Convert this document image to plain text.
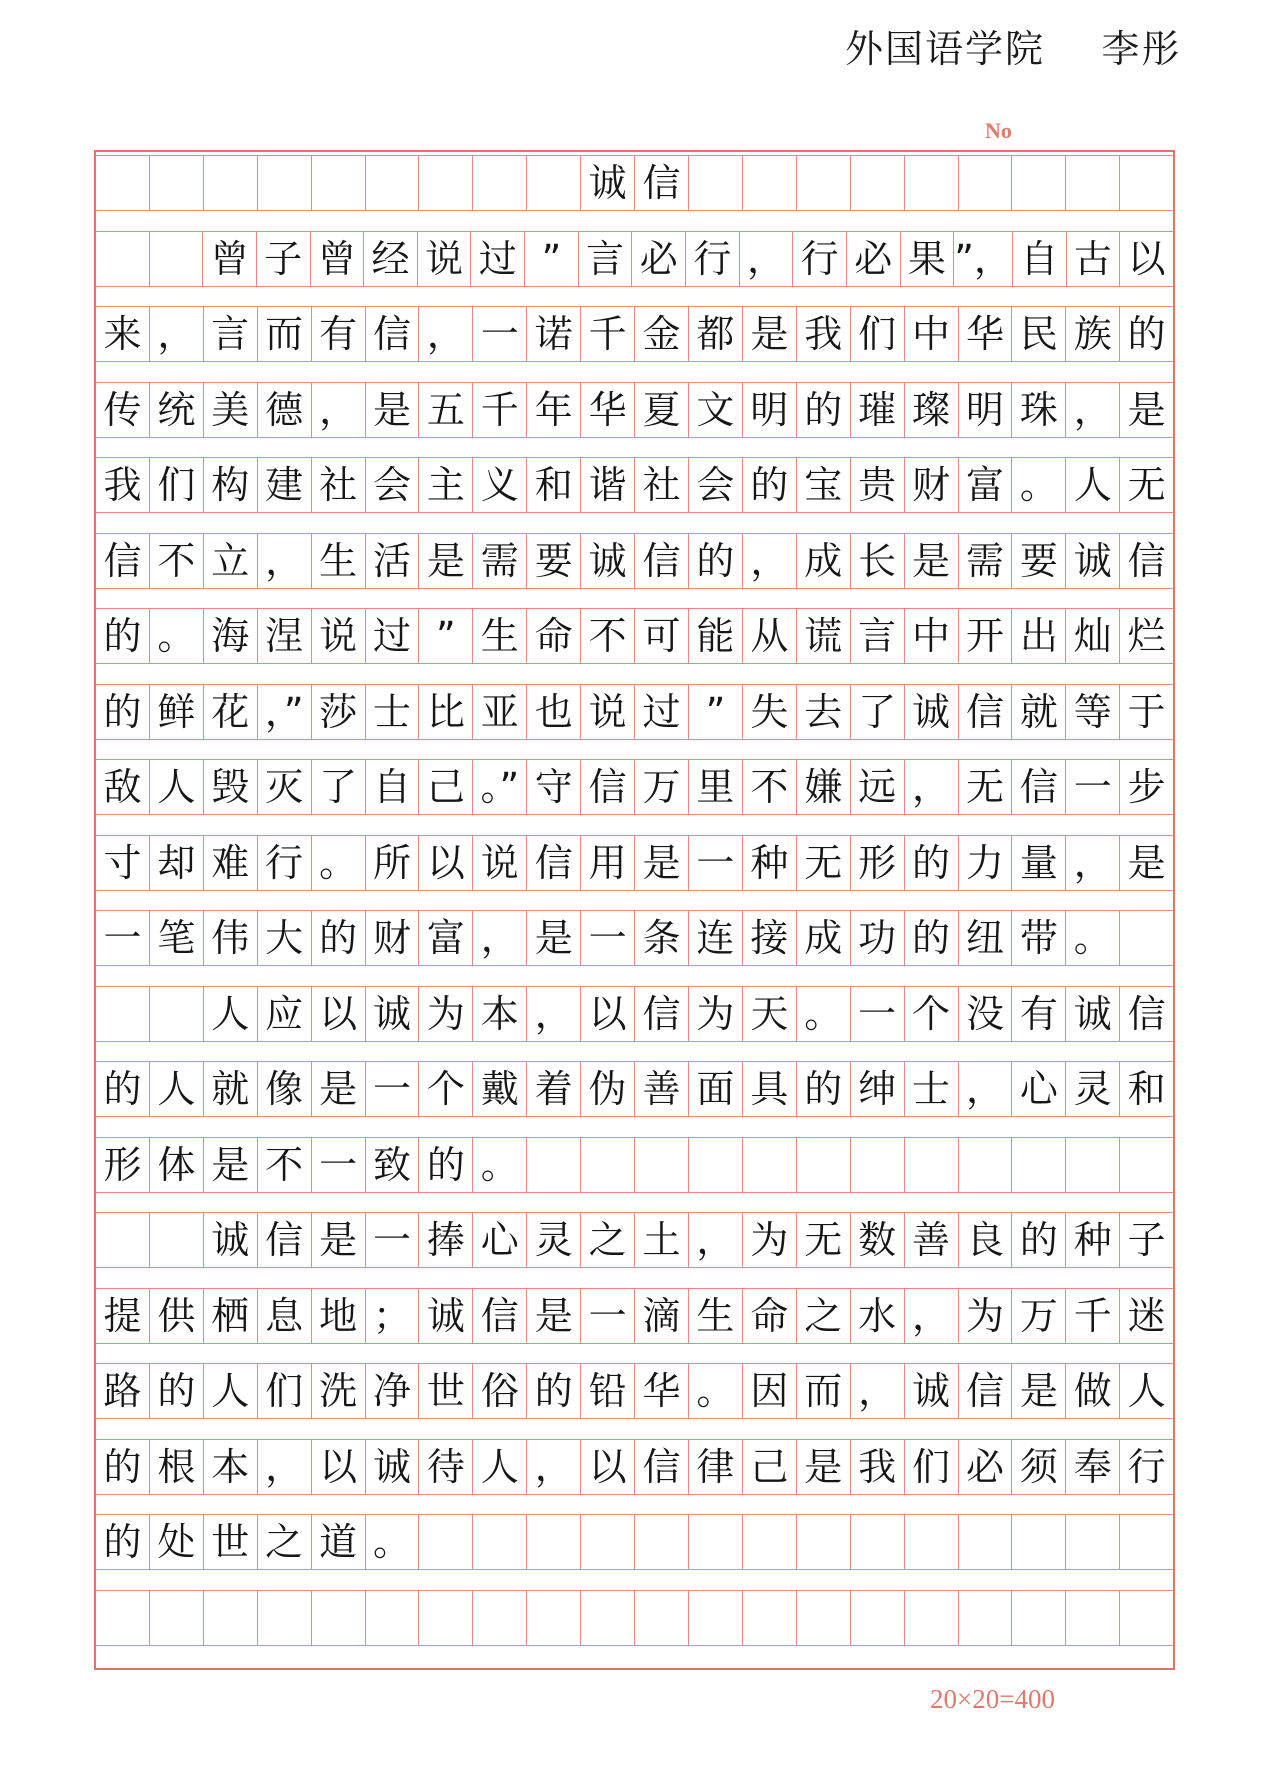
外国语学院    李彤
No
诚 信
曾 子 曾 经 说 过 ” 言 必 行 ， 行 必 果 ”， 自 古 以
来 ， 言 而 有 信 ， 一 诺 千 金 都 是 我 们 中 华 民 族 的
传 统 美 德 ， 是 五 千 年 华 夏 文 明 的 璀 璨 明 珠 ， 是
我 们 构 建 社 会 主 义 和 谐 社 会 的 宝 贵 财 富 。 人 无
信 不 立 ， 生 活 是 需 要 诚 信 的 ， 成 长 是 需 要 诚 信
的 。 海 涅 说 过 ” 生 命 不 可 能 从 谎 言 中 开 出 灿 烂
的 鲜 花 ，” 莎 士 比 亚 也 说 过 ” 失 去 了 诚 信 就 等 于
敌 人 毁 灭 了 自 己 。” 守 信 万 里 不 嫌 远 ， 无 信 一 步
寸 却 难 行 。 所 以 说 信 用 是 一 种 无 形 的 力 量 ， 是
一 笔 伟 大 的 财 富 ， 是 一 条 连 接 成 功 的 纽 带 。
人 应 以 诚 为 本 ， 以 信 为 天 。 一 个 没 有 诚 信
的 人 就 像 是 一 个 戴 着 伪 善 面 具 的 绅 士 ， 心 灵 和
形 体 是 不 一 致 的 。
诚 信 是 一 捧 心 灵 之 土 ， 为 无 数 善 良 的 种 子
提 供 栖 息 地 ； 诚 信 是 一 滴 生 命 之 水 ， 为 万 千 迷
路 的 人 们 洗 净 世 俗 的 铅 华 。 因 而 ， 诚 信 是 做 人
的 根 本 ， 以 诚 待 人 ， 以 信 律 己 是 我 们 必 须 奉 行
的 处 世 之 道 。
20×20=400
